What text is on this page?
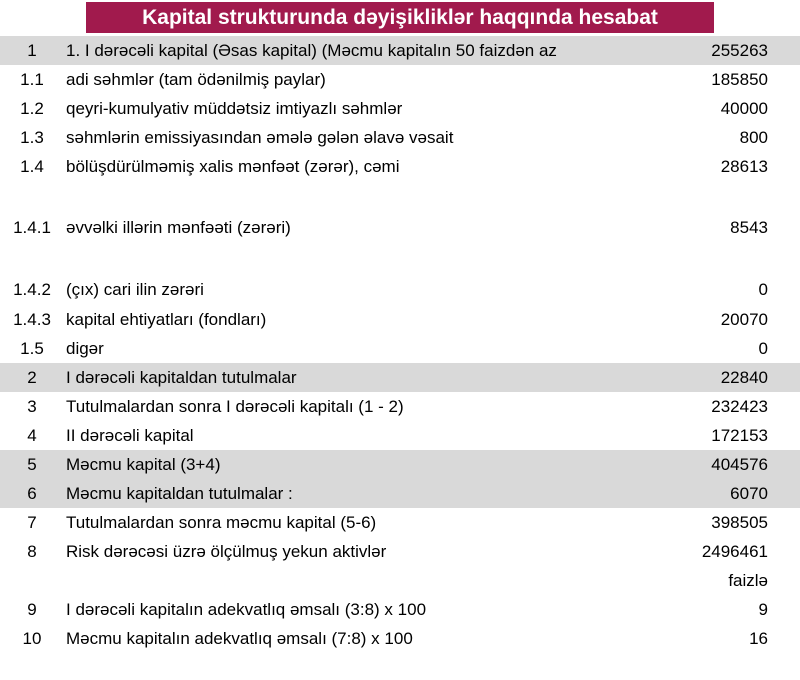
Kapital strukturunda dəyişikliklər haqqında hesabat
1	1. I dərəcəli kapital (Əsas kapital) (Məcmu kapitalın 50 faizdən az	255263
1.1	adi səhmlər (tam ödənilmiş paylar)	185850
1.2	qeyri-kumulyativ müddətsiz imtiyazlı səhmlər	40000
1.3	səhmlərin emissiyasından əmələ gələn əlavə vəsait	800
1.4	bölüşdürülməmiş xalis mənfəət (zərər), cəmi	28613
1.4.1 əvvəlki illərin mənfəəti (zərəri)	8543
1.4.2 (çıx) cari ilin zərəri	0
1.4.3 kapital ehtiyatları (fondları)	20070
1.5	digər	0
2	I dərəcəli kapitaldan tutulmalar	22840
3	Tutulmalardan sonra I dərəcəli kapitalı (1 - 2)	232423
4	II dərəcəli kapital	172153
5	Məcmu kapital (3+4)	404576
6	Məcmu kapitaldan tutulmalar :	6070
7	Tutulmalardan sonra məcmu kapital (5-6)	398505
8	Risk dərəcəsi üzrə ölçülmuş yekun aktivlər	2496461
faizlə
9	I dərəcəli kapitalın adekvatlıq əmsalı (3:8) x 100	9
10	Məcmu kapitalın adekvatlıq əmsalı (7:8) x 100	16
